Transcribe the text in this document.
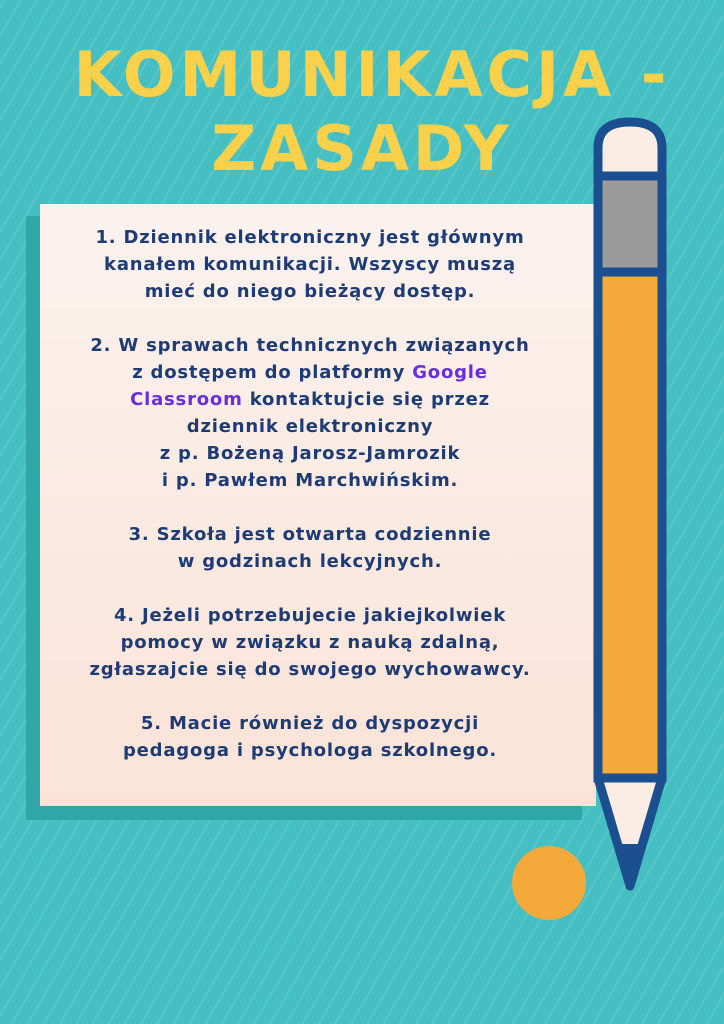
KOMUNIKACJA -
ZASADY

1. Dziennik elektroniczny jest głównym
kanałem komunikacji. Wszyscy muszą
mieć do niego bieżący dostęp.

2. W sprawach technicznych związanych
z dostępem do platformy Google
Classroom kontaktujcie się przez
dziennik elektroniczny
z p. Bożeną Jarosz-Jamrozik
i p. Pawłem Marchwińskim.

3. Szkoła jest otwarta codziennie
w godzinach lekcyjnych.

4. Jeżeli potrzebujecie jakiejkolwiek
pomocy w związku z nauką zdalną,
zgłaszajcie się do swojego wychowawcy.

5. Macie również do dyspozycji
pedagoga i psychologa szkolnego.
